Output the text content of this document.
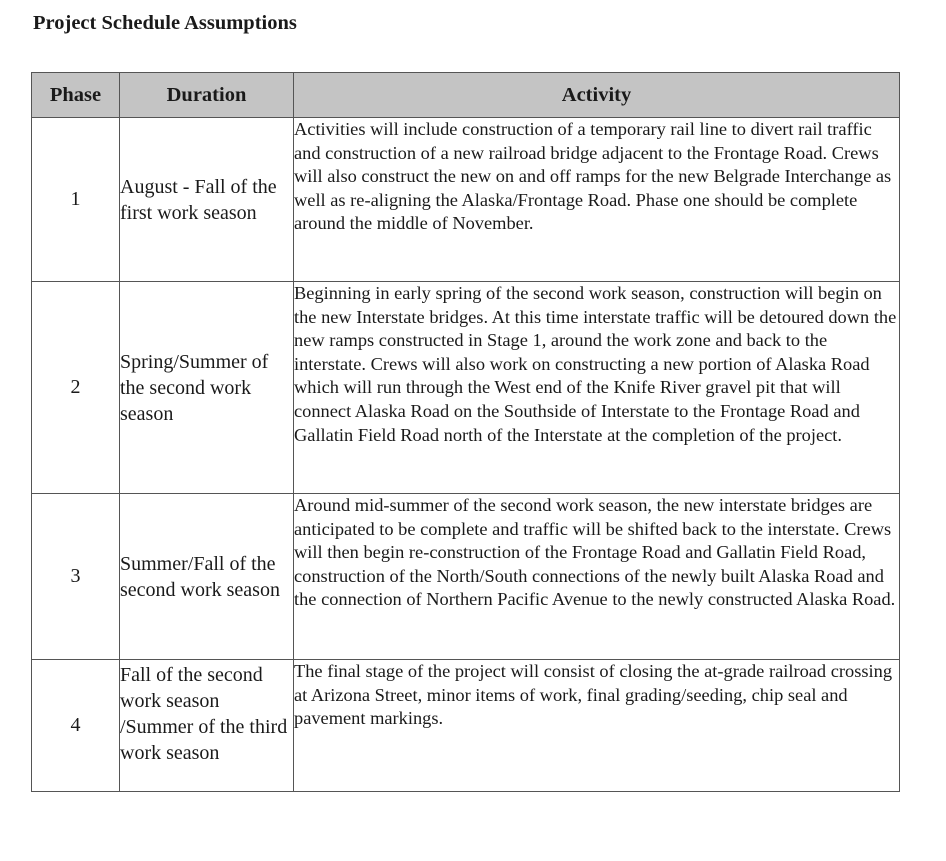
Project Schedule Assumptions
Phase	Duration	Activity
1	August - Fall of the first work season	Activities will include construction of a temporary rail line to divert rail traffic and construction of a new railroad bridge adjacent to the Frontage Road. Crews will also construct the new on and off ramps for the new Belgrade Interchange as well as re-aligning the Alaska/Frontage Road. Phase one should be complete around the middle of November.
2	Spring/Summer of the second work season	Beginning in early spring of the second work season, construction will begin on the new Interstate bridges. At this time interstate traffic will be detoured down the new ramps constructed in Stage 1, around the work zone and back to the interstate. Crews will also work on constructing a new portion of Alaska Road which will run through the West end of the Knife River gravel pit that will connect Alaska Road on the Southside of Interstate to the Frontage Road and Gallatin Field Road north of the Interstate at the completion of the project.
3	Summer/Fall of the second work season	Around mid-summer of the second work season, the new interstate bridges are anticipated to be complete and traffic will be shifted back to the interstate. Crews will then begin re-construction of the Frontage Road and Gallatin Field Road, construction of the North/South connections of the newly built Alaska Road and the connection of Northern Pacific Avenue to the newly constructed Alaska Road.
4	Fall of the second work season /Summer of the third work season	The final stage of the project will consist of closing the at-grade railroad crossing at Arizona Street, minor items of work, final grading/seeding, chip seal and pavement markings.
